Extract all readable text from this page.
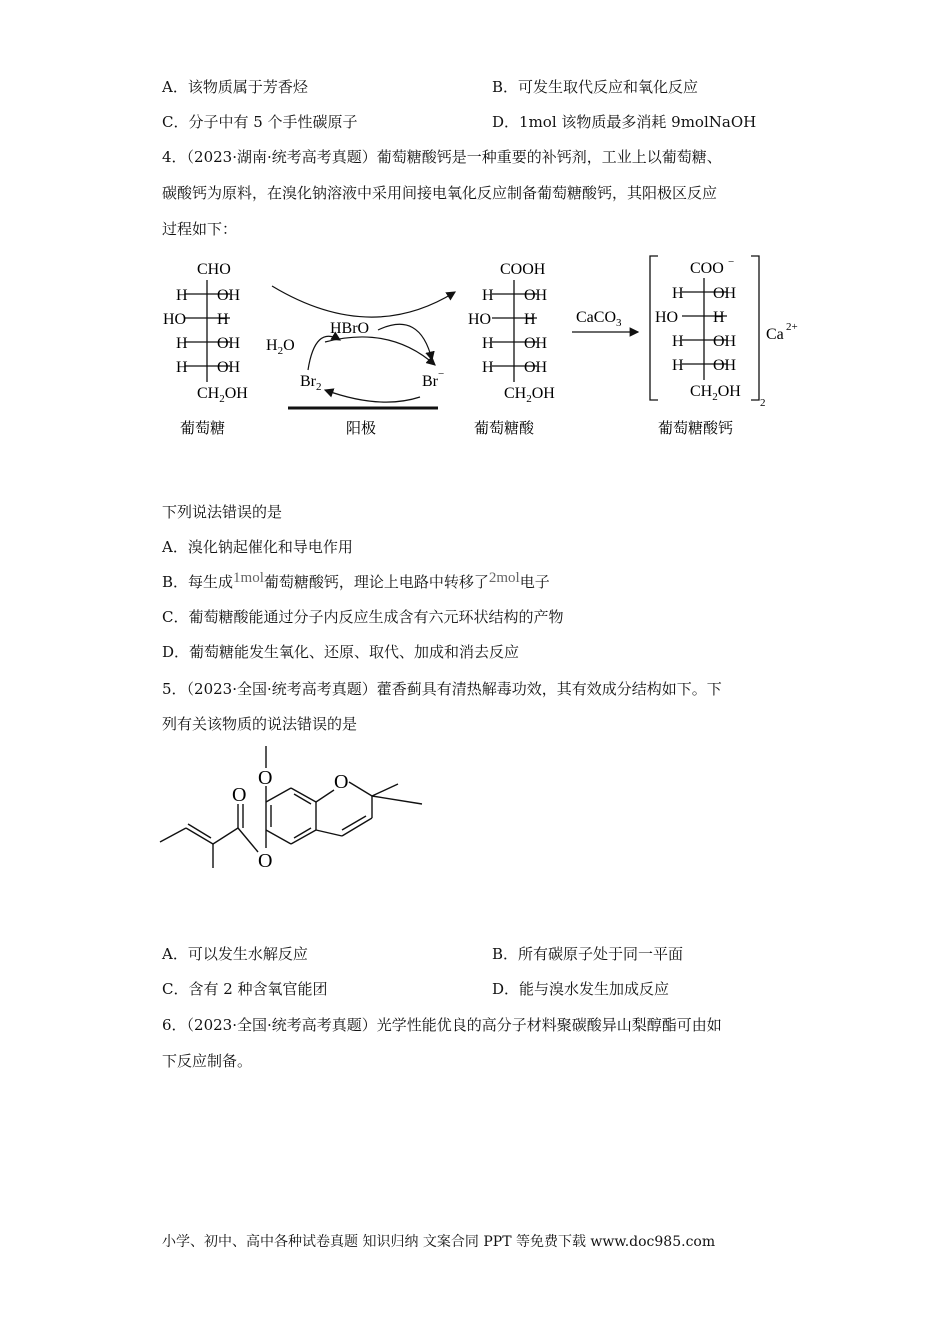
A．该物质属于芳香烃	B．可发生取代反应和氧化反应
C．分子中有 5 个手性碳原子	D．1mol 该物质最多消耗 9molNaOH
4．（2023·湖南·统考高考真题）葡萄糖酸钙是一种重要的补钙剂，工业上以葡萄糖、
碳酸钙为原料，在溴化钠溶液中采用间接电氧化反应制备葡萄糖酸钙，其阳极区反应
过程如下：
CHO
H OH
HO H
H OH
H OH
$CH_2OH$
HBrO
$H_2O$
$Br_2$	Br−
COOH
H OH
HO H
H OH
H OH
$CH_2OH$
CaCO$_3$
COO −
H OH
HO H
H OH
H OH
$CH_2OH$
2
Ca 2+
葡萄糖	阳极	葡萄糖酸	葡萄糖酸钙
下列说法错误的是
A．溴化钠起催化和导电作用
B．每生成1mol葡萄糖酸钙，理论上电路中转移了2mol电子
C．葡萄糖酸能通过分子内反应生成含有六元环状结构的产物
D．葡萄糖能发生氧化、还原、取代、加成和消去反应
5．（2023·全国·统考高考真题）藿香蓟具有清热解毒功效，其有效成分结构如下。下
列有关该物质的说法错误的是
O	O
O
O
A．可以发生水解反应	B．所有碳原子处于同一平面
C．含有 2 种含氧官能团	D．能与溴水发生加成反应
6．（2023·全国·统考高考真题）光学性能优良的高分子材料聚碳酸异山梨醇酯可由如
下反应制备。
小学、初中、高中各种试卷真题 知识归纳 文案合同 PPT 等免费下载 www.doc985.com
